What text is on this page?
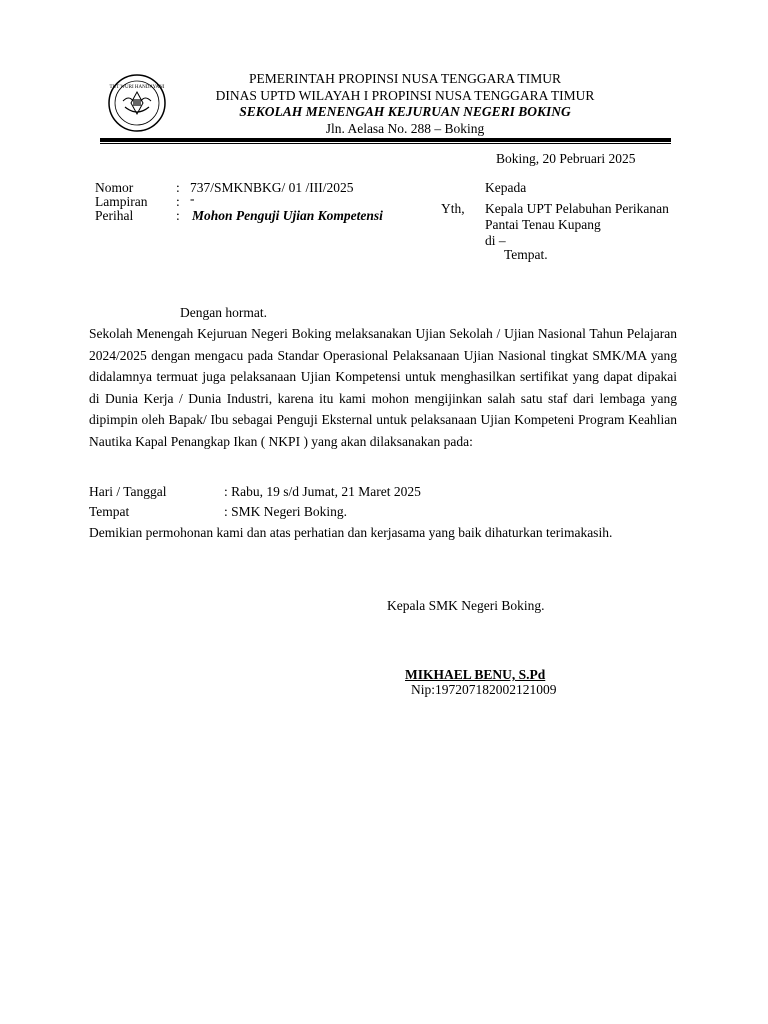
TUT WURI HANDAYANI
PEMERINTAH PROPINSI NUSA TENGGARA TIMUR
DINAS UPTD WILAYAH I PROPINSI NUSA TENGGARA TIMUR
SEKOLAH MENENGAH KEJURUAN NEGERI BOKING
Jln. Aelasa No. 288 – Boking
Boking, 20 Pebruari 2025
Nomor	: 737/SMKNBKG/ 01 /III/2025
Lampiran : -
Perihal	: Mohon Penguji Ujian Kompetensi
Kepada
Yth, Kepala UPT Pelabuhan Perikanan
Pantai Tenau Kupang
di –
Tempat.
Dengan hormat.
Sekolah Menengah Kejuruan Negeri Boking melaksanakan Ujian Sekolah / Ujian Nasional Tahun Pelajaran 2024/2025 dengan mengacu pada Standar Operasional Pelaksanaan Ujian Nasional tingkat SMK/MA yang didalamnya termuat juga pelaksanaan Ujian Kompetensi untuk menghasilkan sertifikat yang dapat dipakai di Dunia Kerja / Dunia Industri, karena itu kami mohon mengijinkan salah satu staf dari lembaga yang dipimpin oleh Bapak/ Ibu sebagai Penguji Eksternal untuk pelaksanaan Ujian Kompeteni Program Keahlian Nautika Kapal Penangkap Ikan ( NKPI ) yang akan dilaksanakan pada:
Hari / Tanggal	: Rabu, 19 s/d Jumat, 21 Maret 2025
Tempat	: SMK Negeri Boking.
Demikian permohonan kami dan atas perhatian dan kerjasama yang baik dihaturkan terimakasih.
Kepala SMK Negeri Boking.
MIKHAEL BENU, S.Pd
Nip:197207182002121009
